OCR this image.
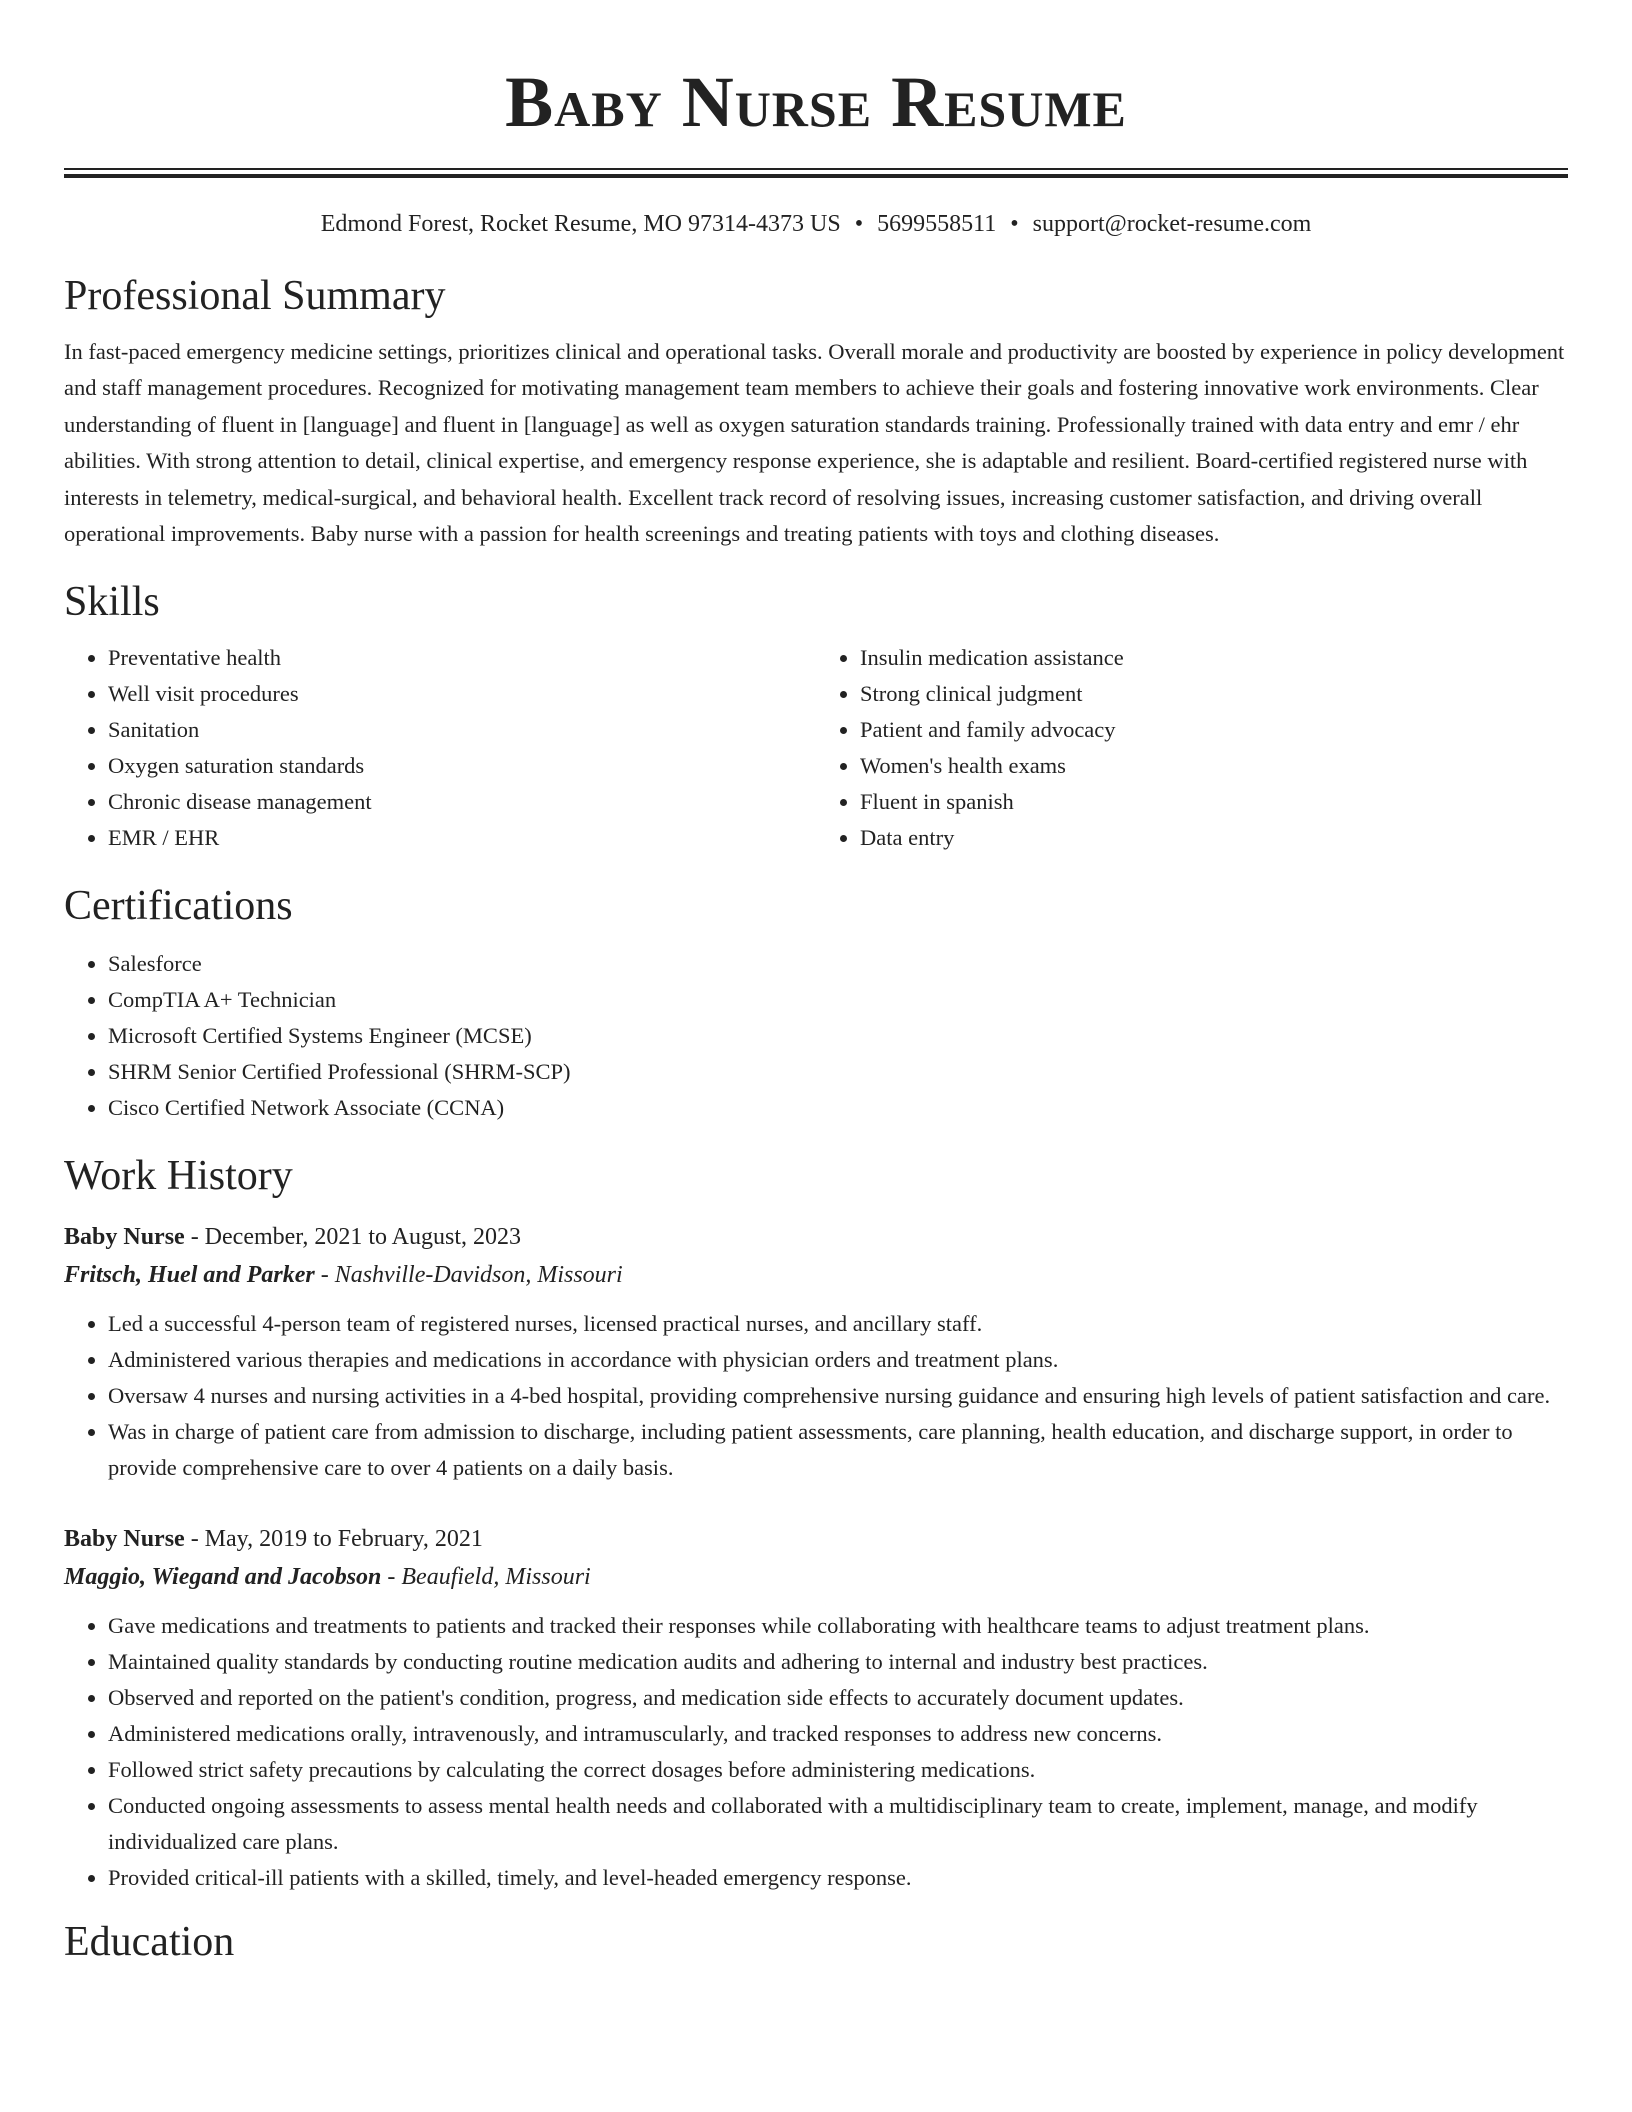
Baby Nurse Resume
Edmond Forest, Rocket Resume, MO 97314-4373 US • 5699558511 • support@rocket-resume.com
Professional Summary
In fast-paced emergency medicine settings, prioritizes clinical and operational tasks. Overall morale and productivity are boosted by experience in policy development and staff management procedures. Recognized for motivating management team members to achieve their goals and fostering innovative work environments. Clear understanding of fluent in [language] and fluent in [language] as well as oxygen saturation standards training. Professionally trained with data entry and emr / ehr abilities. With strong attention to detail, clinical expertise, and emergency response experience, she is adaptable and resilient. Board-certified registered nurse with interests in telemetry, medical-surgical, and behavioral health. Excellent track record of resolving issues, increasing customer satisfaction, and driving overall operational improvements. Baby nurse with a passion for health screenings and treating patients with toys and clothing diseases.
Skills
• Preventative health
• Well visit procedures
• Sanitation
• Oxygen saturation standards
• Chronic disease management
• EMR / EHR
• Insulin medication assistance
• Strong clinical judgment
• Patient and family advocacy
• Women's health exams
• Fluent in spanish
• Data entry
Certifications
• Salesforce
• CompTIA A+ Technician
• Microsoft Certified Systems Engineer (MCSE)
• SHRM Senior Certified Professional (SHRM-SCP)
• Cisco Certified Network Associate (CCNA)
Work History
Baby Nurse - December, 2021 to August, 2023
Fritsch, Huel and Parker - Nashville-Davidson, Missouri
• Led a successful 4-person team of registered nurses, licensed practical nurses, and ancillary staff.
• Administered various therapies and medications in accordance with physician orders and treatment plans.
• Oversaw 4 nurses and nursing activities in a 4-bed hospital, providing comprehensive nursing guidance and ensuring high levels of patient satisfaction and care.
• Was in charge of patient care from admission to discharge, including patient assessments, care planning, health education, and discharge support, in order to provide comprehensive care to over 4 patients on a daily basis.
Baby Nurse - May, 2019 to February, 2021
Maggio, Wiegand and Jacobson - Beaufield, Missouri
• Gave medications and treatments to patients and tracked their responses while collaborating with healthcare teams to adjust treatment plans.
• Maintained quality standards by conducting routine medication audits and adhering to internal and industry best practices.
• Observed and reported on the patient's condition, progress, and medication side effects to accurately document updates.
• Administered medications orally, intravenously, and intramuscularly, and tracked responses to address new concerns.
• Followed strict safety precautions by calculating the correct dosages before administering medications.
• Conducted ongoing assessments to assess mental health needs and collaborated with a multidisciplinary team to create, implement, manage, and modify individualized care plans.
• Provided critical-ill patients with a skilled, timely, and level-headed emergency response.
Education
